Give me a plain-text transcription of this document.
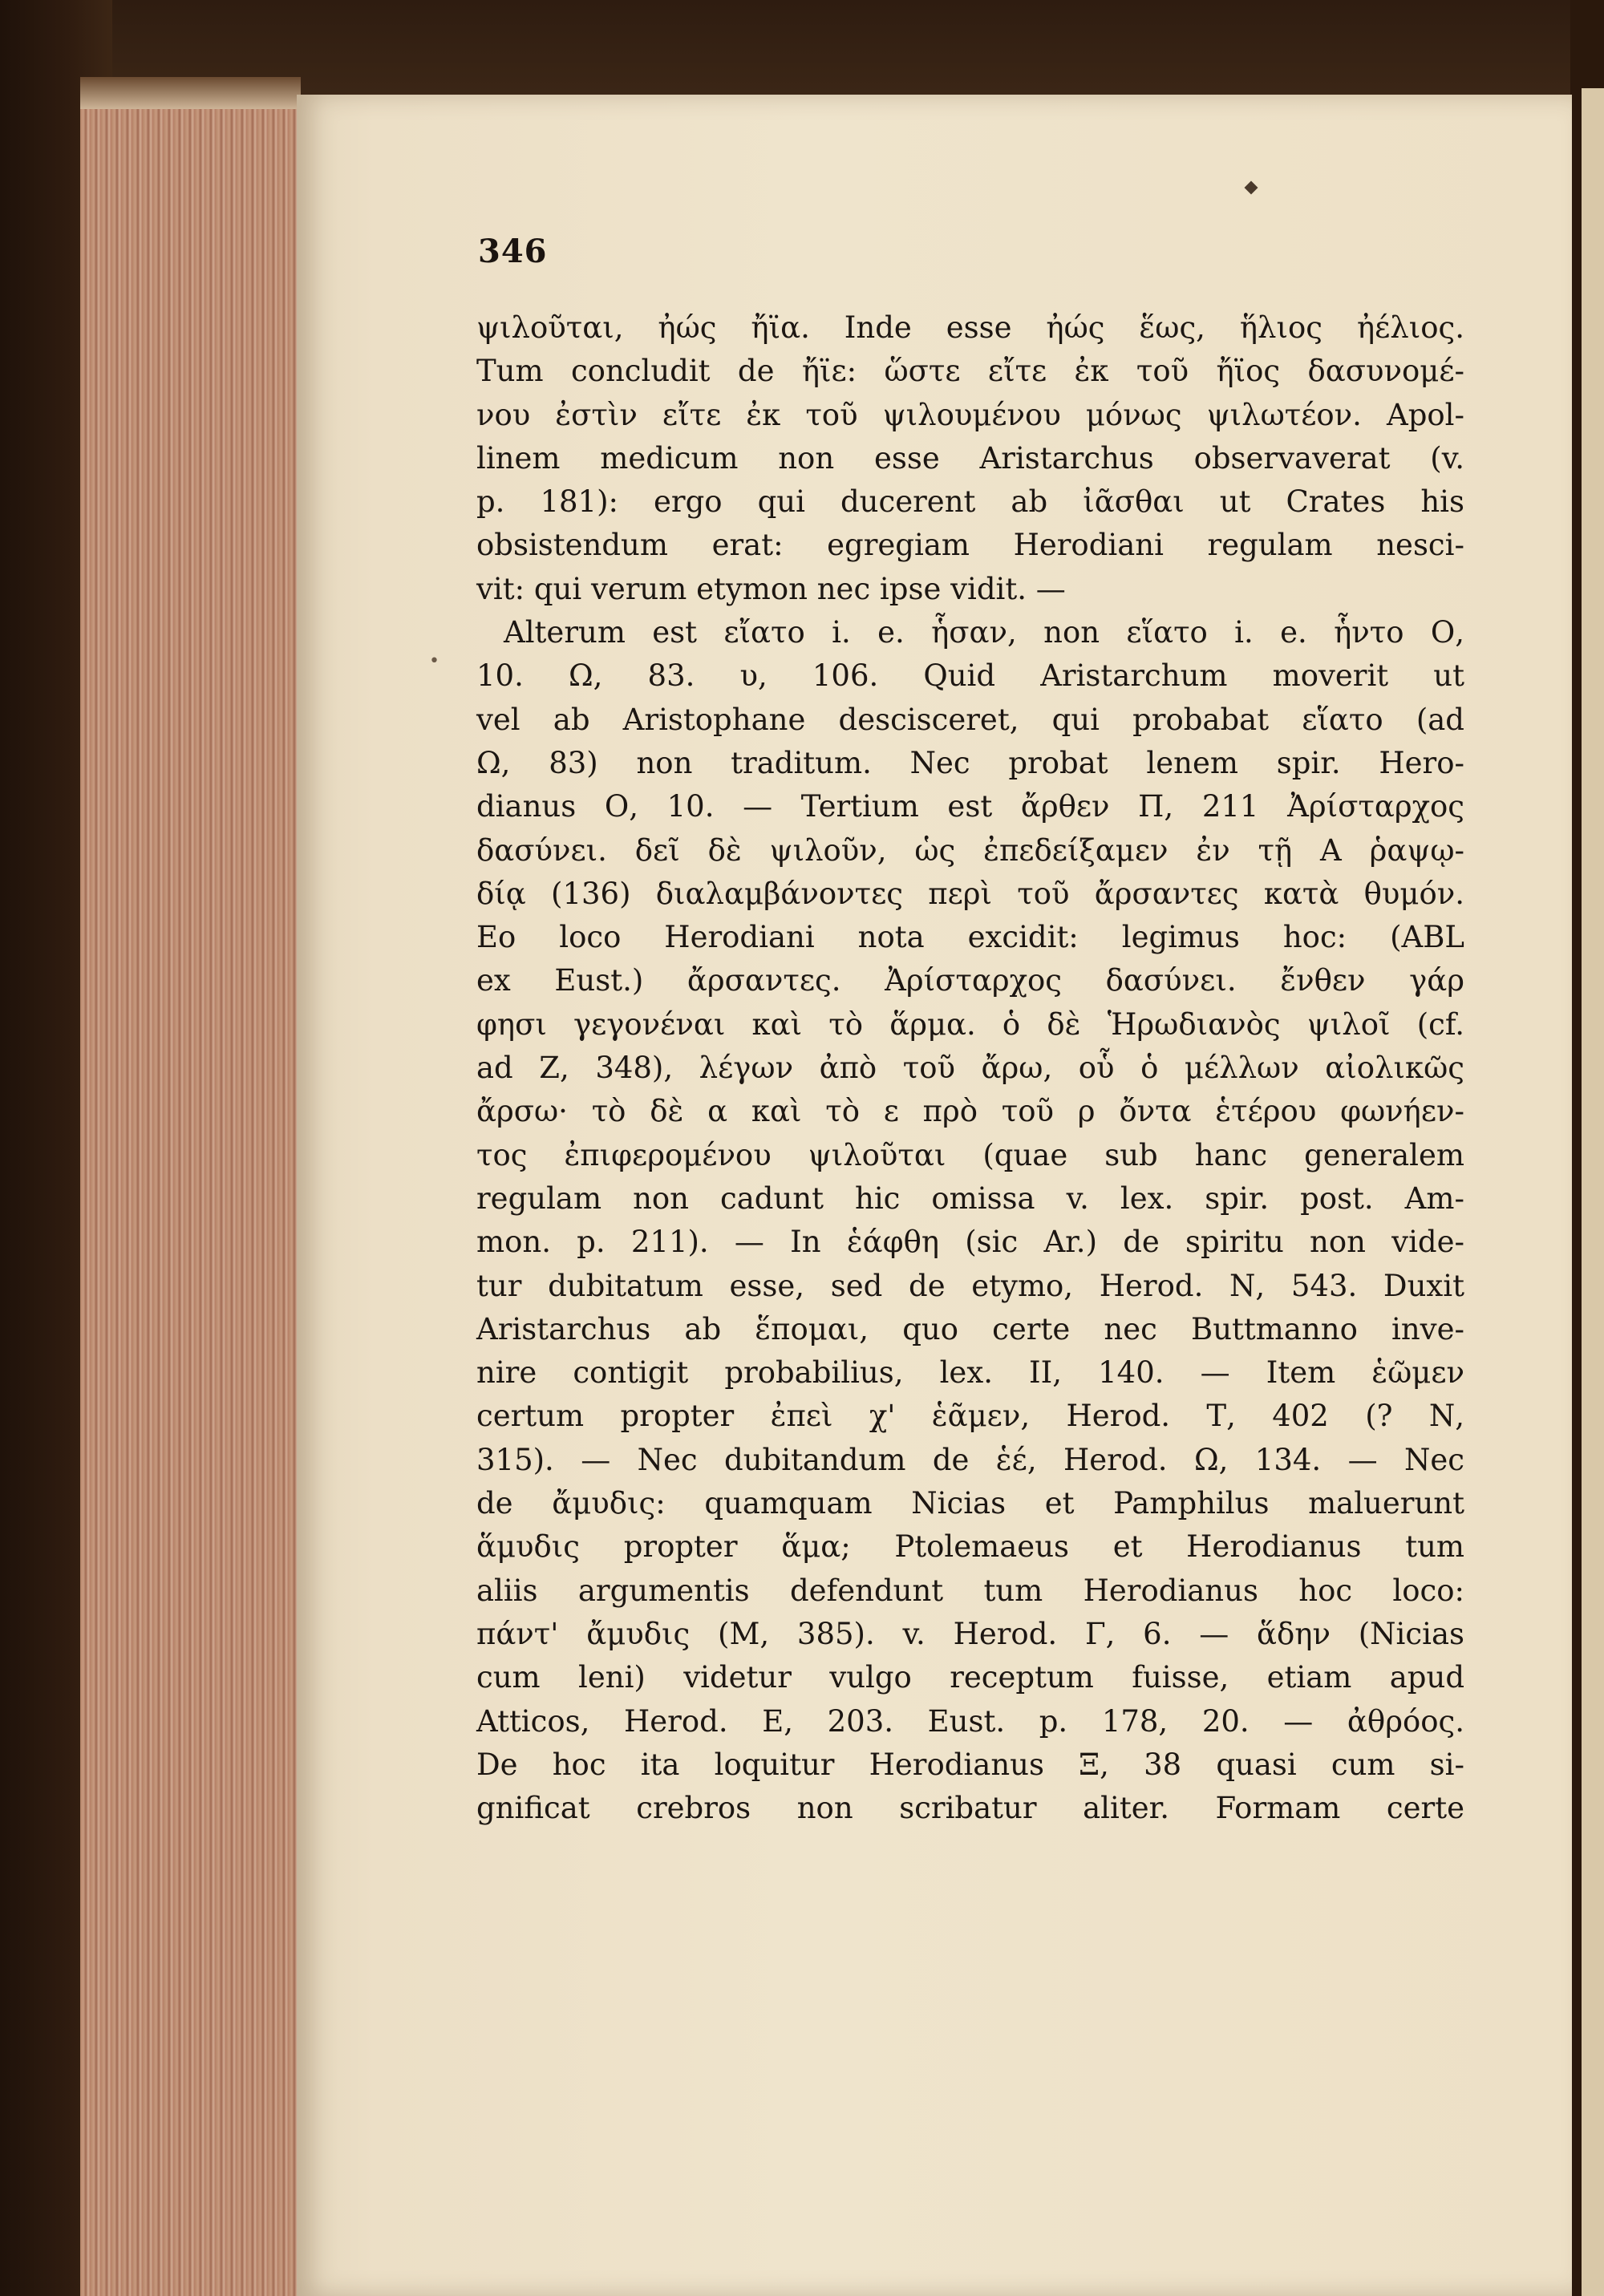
346
•
ψιλοῦται, ἠώς ἤϊα. Inde esse ἠώς ἕως, ἥλιος ἠέλιος.
Tum concludit de ἤϊε: ὥστε εἴτε ἐκ τοῦ ἤϊος δασυνομέ-
νου ἐστὶν εἴτε ἐκ τοῦ ψιλουμένου μόνως ψιλωτέον. Apol-
linem medicum non esse Aristarchus observaverat (v.
p. 181): ergo qui ducerent ab ἰᾶσθαι ut Crates his
obsistendum erat: egregiam Herodiani regulam nesci-
vit: qui verum etymon nec ipse vidit. —
Alterum est εἴατο i. e. ἧσαν, non εἵατο i. e. ἧντο Ο,
10. Ω, 83. υ, 106. Quid Aristarchum moverit ut
vel ab Aristophane descisceret, qui probabat εἵατο (ad
Ω, 83) non traditum. Nec probat lenem spir. Hero-
dianus Ο, 10. — Tertium est ἄρθεν Π, 211 Ἀρίσταρχος
δασύνει. δεῖ δὲ ψιλοῦν, ὡς ἐπεδείξαμεν ἐν τῇ Α ῥαψῳ-
δίᾳ (136) διαλαμβάνοντες περὶ τοῦ ἄρσαντες κατὰ θυμόν.
Eo loco Herodiani nota excidit: legimus hoc: (ABL
ex Eust.) ἄρσαντες. Ἀρίσταρχος δασύνει. ἔνθεν γάρ
φησι γεγονέναι καὶ τὸ ἅρμα. ὁ δὲ Ἡρωδιανὸς ψιλοῖ (cf.
ad Ζ, 348), λέγων ἀπὸ τοῦ ἄρω, οὗ ὁ μέλλων αἰολικῶς
ἄρσω· τὸ δὲ α καὶ τὸ ε πρὸ τοῦ ρ ὄντα ἑτέρου φωνήεν-
τος ἐπιφερομένου ψιλοῦται (quae sub hanc generalem
regulam non cadunt hic omissa v. lex. spir. post. Am-
mon. p. 211). — In ἑάφθη (sic Ar.) de spiritu non vide-
tur dubitatum esse, sed de etymo, Herod. Ν, 543. Duxit
Aristarchus ab ἕπομαι, quo certe nec Buttmanno inve-
nire contigit probabilius, lex. II, 140. — Item ἑῶμεν
certum propter ἐπεὶ χ' ἑᾶμεν, Herod. Τ, 402 (? Ν,
315). — Nec dubitandum de ἑέ, Herod. Ω, 134. — Nec
de ἄμυδις: quamquam Nicias et Pamphilus maluerunt
ἅμυδις propter ἅμα; Ptolemaeus et Herodianus tum
aliis argumentis defendunt tum Herodianus hoc loco:
πάντ' ἄμυδις (Μ, 385). v. Herod. Γ, 6. — ἅδην (Nicias
cum leni) videtur vulgo receptum fuisse, etiam apud
Atticos, Herod. Ε, 203. Eust. p. 178, 20. — ἀθρόος.
De hoc ita loquitur Herodianus Ξ, 38 quasi cum si-
gnificat crebros non scribatur aliter. Formam certe
